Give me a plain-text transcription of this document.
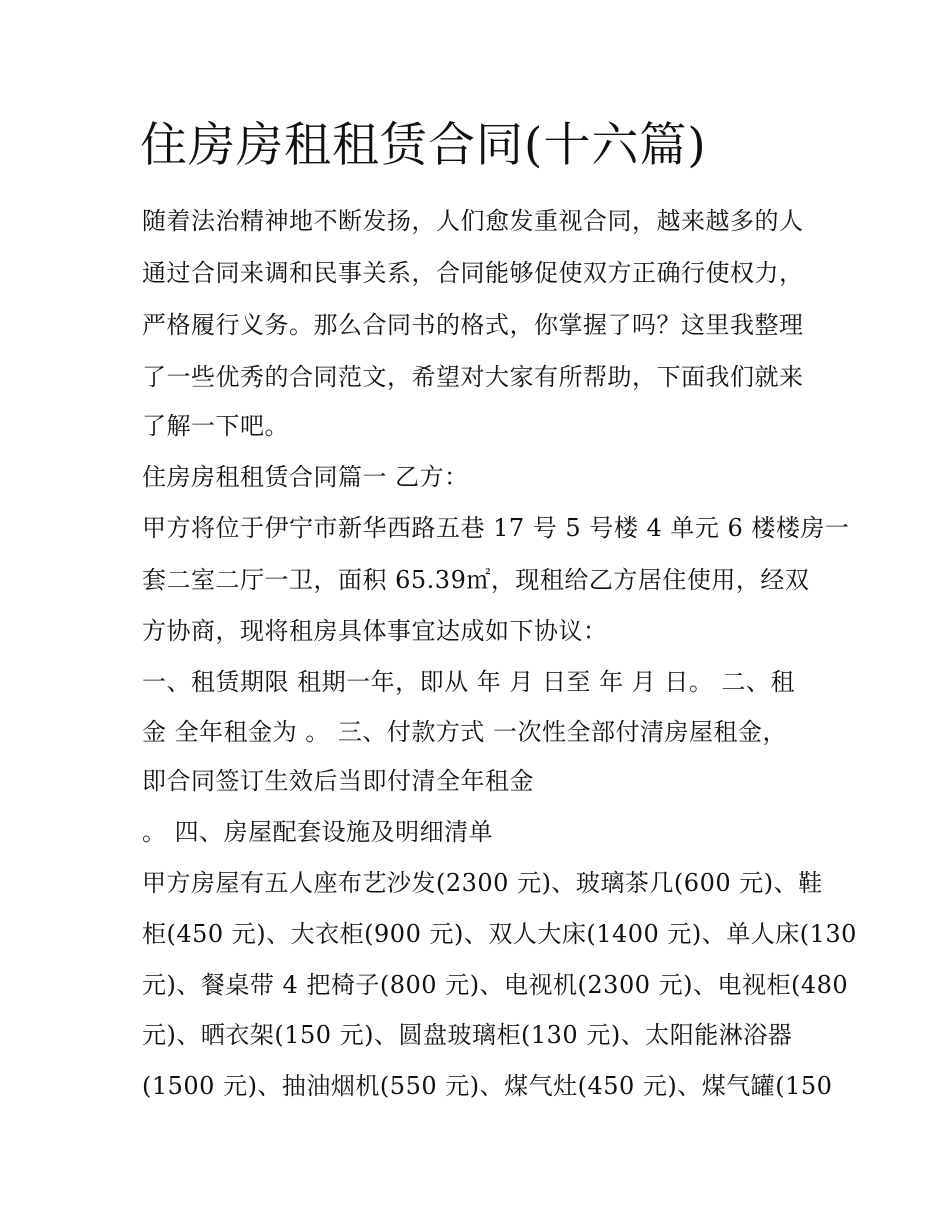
住房房租租赁合同(十六篇)

随着法治精神地不断发扬，人们愈发重视合同，越来越多的人

通过合同来调和民事关系，合同能够促使双方正确行使权力，

严格履行义务。那么合同书的格式，你掌握了吗？这里我整理

了一些优秀的合同范文，希望对大家有所帮助，下面我们就来

了解一下吧。

住房房租租赁合同篇一 乙方：

甲方将位于伊宁市新华西路五巷 17 号 5 号楼 4 单元 6 楼楼房一

套二室二厅一卫，面积 65.39㎡，现租给乙方居住使用，经双

方协商，现将租房具体事宜达成如下协议：

一、租赁期限 租期一年，即从 年 月 日至 年 月 日。 二、租

金 全年租金为 。 三、付款方式 一次性全部付清房屋租金，

即合同签订生效后当即付清全年租金

。 四、房屋配套设施及明细清单

甲方房屋有五人座布艺沙发(2300 元)、玻璃茶几(600 元)、鞋

柜(450 元)、大衣柜(900 元)、双人大床(1400 元)、单人床(130

元)、餐桌带 4 把椅子(800 元)、电视机(2300 元)、电视柜(480

元)、晒衣架(150 元)、圆盘玻璃柜(130 元)、太阳能淋浴器

(1500 元)、抽油烟机(550 元)、煤气灶(450 元)、煤气罐(150
